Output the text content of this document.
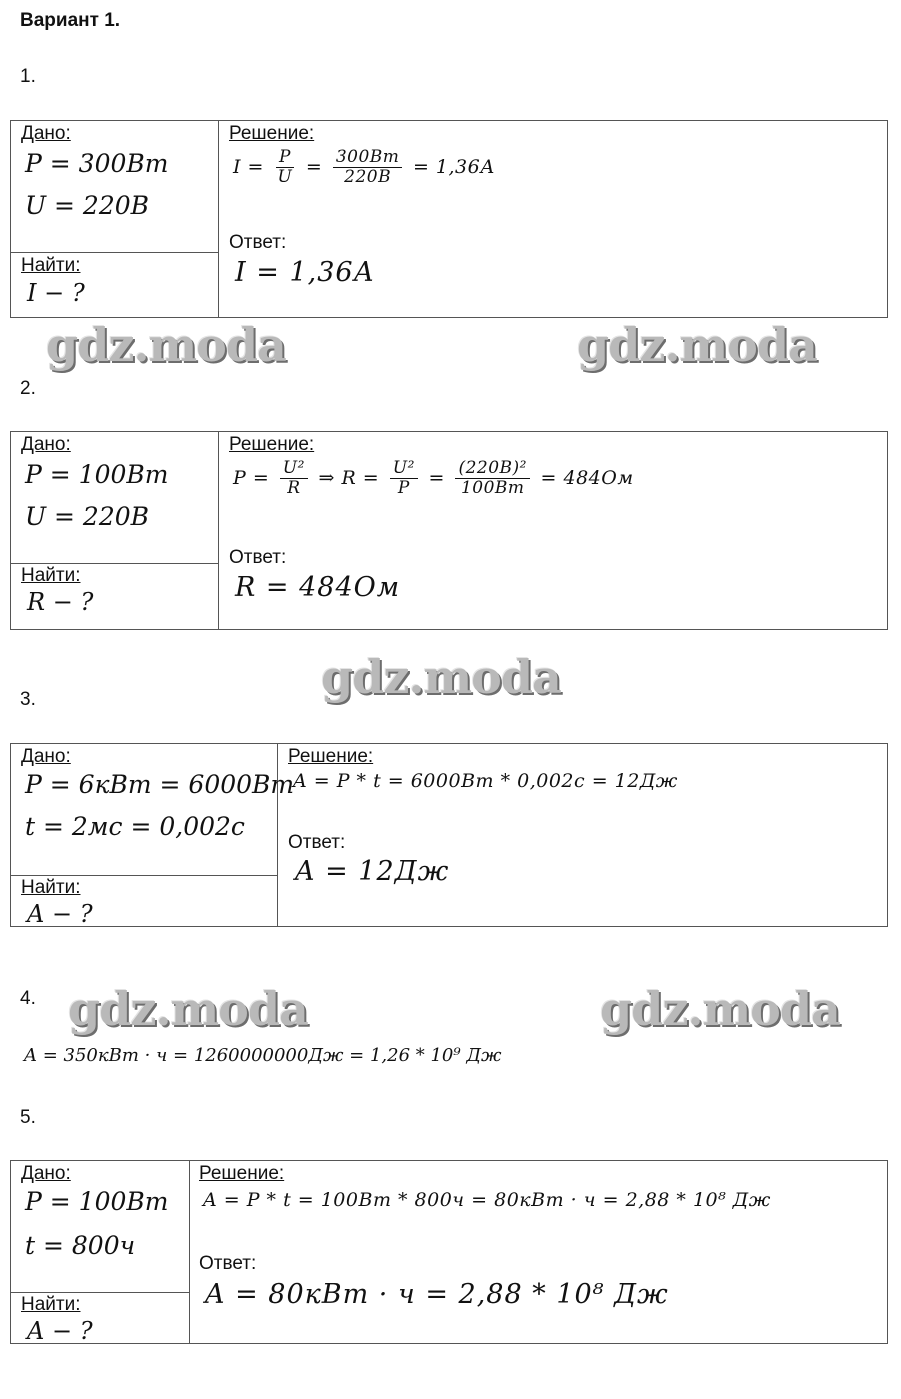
Вариант 1.
1.
Дано:
P = 300Вт
U = 220В
Найти:
I − ?
Решение:
$I = \frac{P}{U} = \frac{300Вт}{220В} = 1,36А$
Ответ:
I = 1,36А
gdz.moda	gdz.moda
2.
Дано:
P = 100Вт
U = 220В
Найти:
R − ?
Решение:
$P = \frac{\text{U²}}{R}$ ⇒ $R = \frac{\text{U²}}{P} = \frac{\text{(220В)²}}{100Вт} = 484Ом$
Ответ:
R = 484Ом
gdz.moda
3.
Дано:
P = 6кВт = 6000Вт
t = 2мс = 0,002с
Найти:
A − ?
Решение:
A = P * t = 6000Вт * 0,002с = 12Дж
Ответ:
A = 12Дж
4. gdz.moda	gdz.moda
A = 350кВт · ч = 1260000000Дж = 1,26 * 10⁹ Дж
5.
Дано:
P = 100Вт
t = 800ч
Найти:
A − ?
Решение:
A = P * t = 100Вт * 800ч = 80кВт · ч = 2,88 * 10⁸ Дж
Ответ:
A = 80кВт · ч = 2,88 * 10⁸ Дж
